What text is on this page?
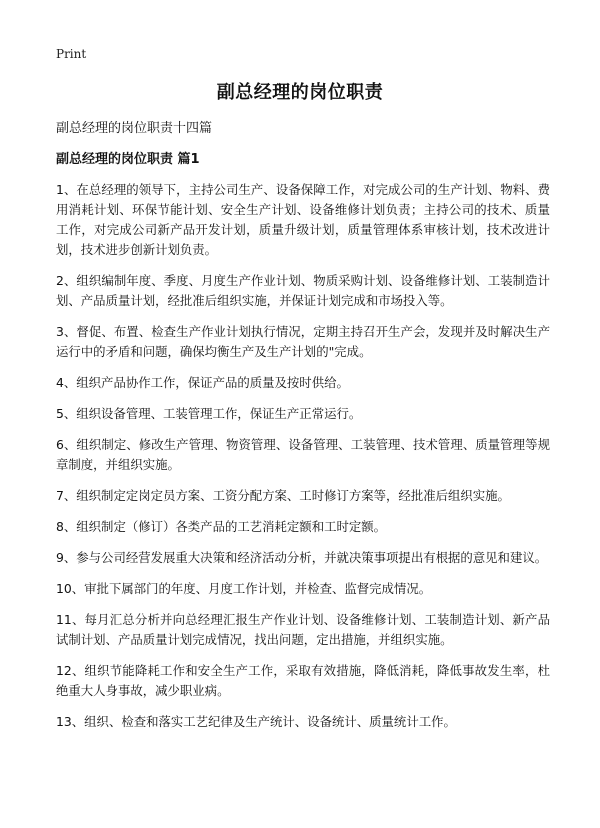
Print
副总经理的岗位职责

副总经理的岗位职责十四篇

副总经理的岗位职责 篇1
1、在总经理的领导下，主持公司生产、设备保障工作，对完成公司的生产计划、物料、费用消耗计划、环保节能计划、安全生产计划、设备维修计划负责；主持公司的技术、质量工作，对完成公司新产品开发计划，质量升级计划，质量管理体系审核计划，技术改进计划，技术进步创新计划负责。
2、组织编制年度、季度、月度生产作业计划、物质采购计划、设备维修计划、工装制造计划、产品质量计划，经批准后组织实施，并保证计划完成和市场投入等。
3、督促、布置、检查生产作业计划执行情况，定期主持召开生产会，发现并及时解决生产运行中的矛盾和问题，确保均衡生产及生产计划的"完成。
4、组织产品协作工作，保证产品的质量及按时供给。
5、组织设备管理、工装管理工作，保证生产正常运行。
6、组织制定、修改生产管理、物资管理、设备管理、工装管理、技术管理、质量管理等规章制度，并组织实施。
7、组织制定定岗定员方案、工资分配方案、工时修订方案等，经批准后组织实施。
8、组织制定（修订）各类产品的工艺消耗定额和工时定额。
9、参与公司经营发展重大决策和经济活动分析，并就决策事项提出有根据的意见和建议。
10、审批下属部门的年度、月度工作计划，并检查、监督完成情况。
11、每月汇总分析并向总经理汇报生产作业计划、设备维修计划、工装制造计划、新产品试制计划、产品质量计划完成情况，找出问题，定出措施，并组织实施。
12、组织节能降耗工作和安全生产工作，采取有效措施，降低消耗，降低事故发生率，杜绝重大人身事故，减少职业病。
13、组织、检查和落实工艺纪律及生产统计、设备统计、质量统计工作。
